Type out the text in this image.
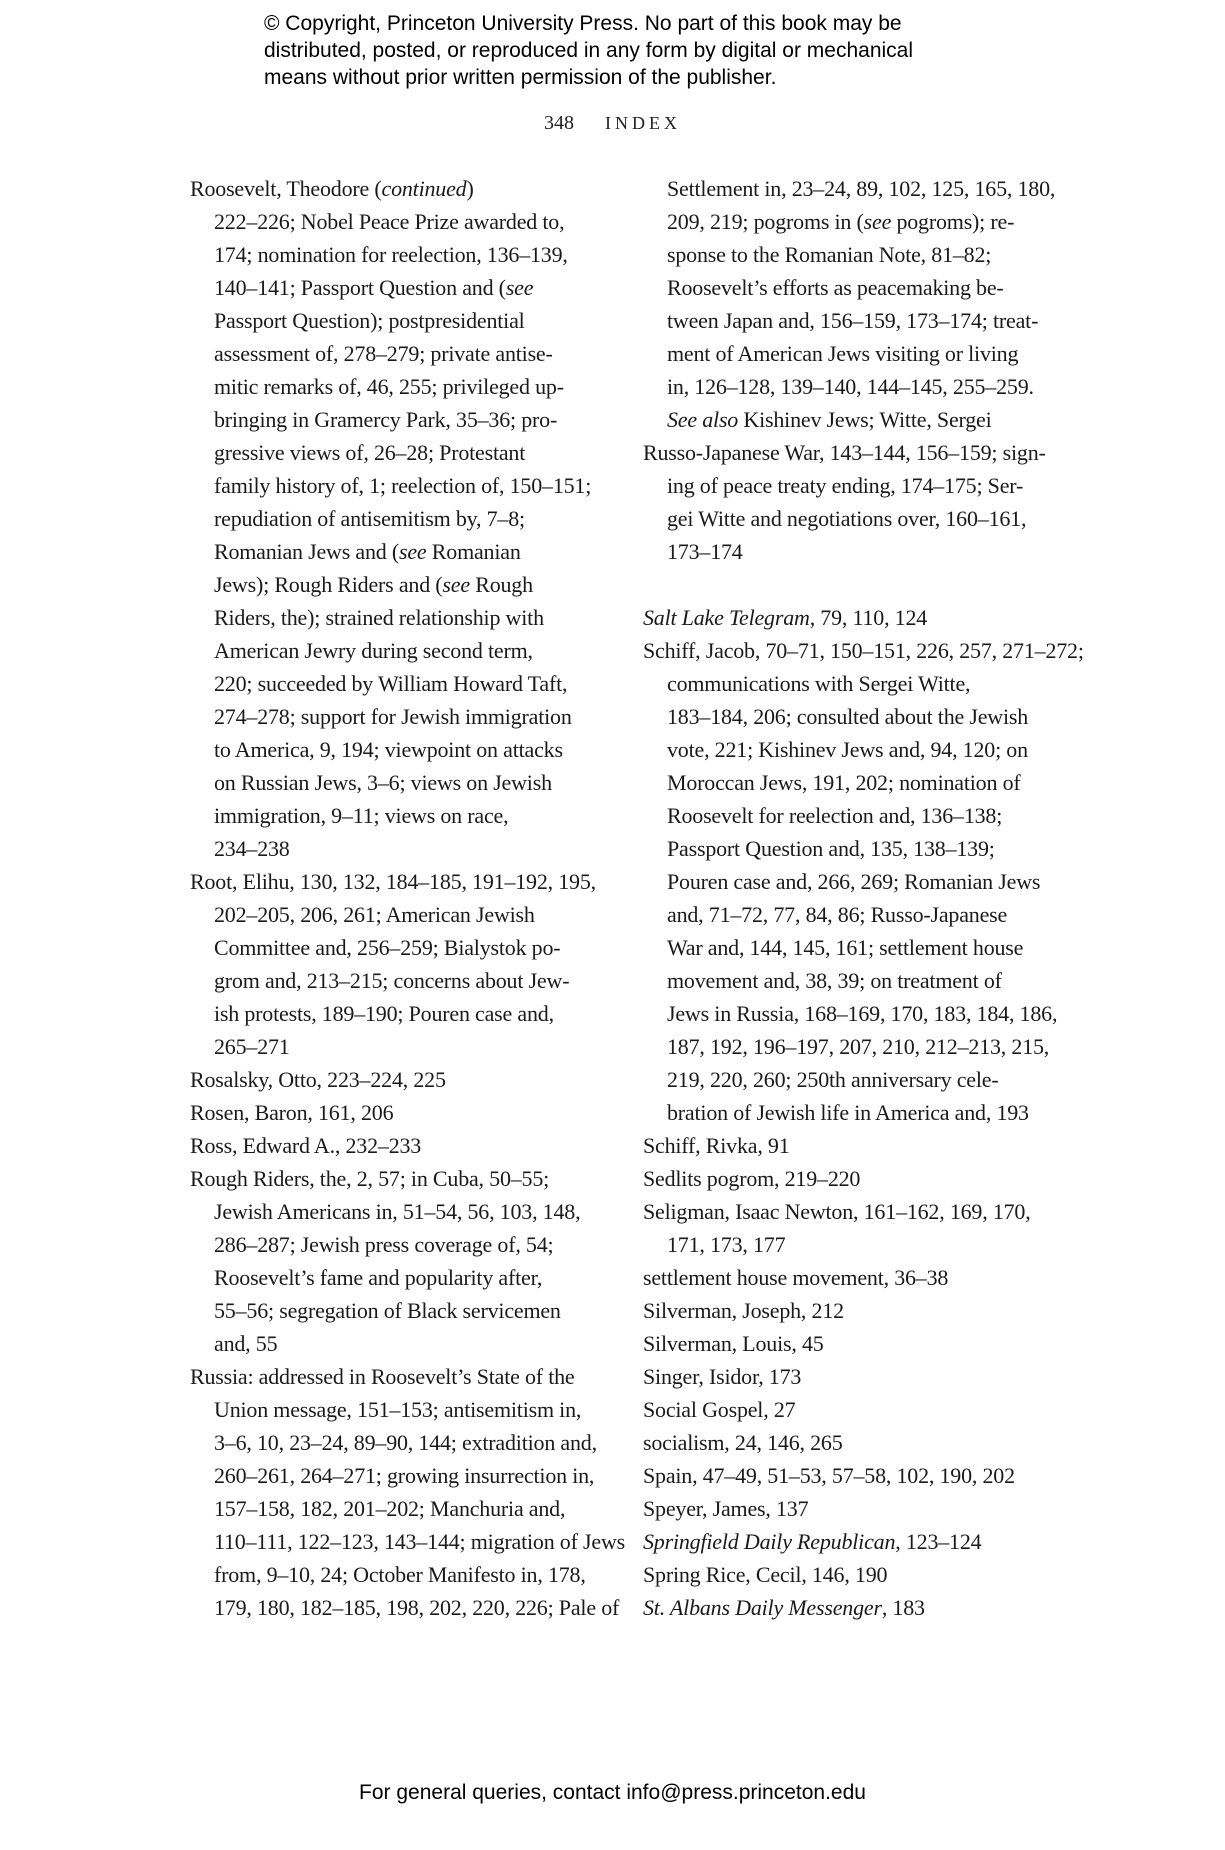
© Copyright, Princeton University Press. No part of this book may be
distributed, posted, or reproduced in any form by digital or mechanical
means without prior written permission of the publisher.
348 INDEX
Roosevelt, Theodore (continued)
222–226; Nobel Peace Prize awarded to,
174; nomination for reelection, 136–139,
140–141; Passport Question and (see
Passport Question); postpresidential
assessment of, 278–279; private antise-
mitic remarks of, 46, 255; privileged up-
bringing in Gramercy Park, 35–36; pro-
gressive views of, 26–28; Protestant
family history of, 1; reelection of, 150–151;
repudiation of antisemitism by, 7–8;
Romanian Jews and (see Romanian
Jews); Rough Riders and (see Rough
Riders, the); strained relationship with
American Jewry during second term,
220; succeeded by William Howard Taft,
274–278; support for Jewish immigration
to America, 9, 194; viewpoint on attacks
on Russian Jews, 3–6; views on Jewish
immigration, 9–11; views on race,
234–238
Root, Elihu, 130, 132, 184–185, 191–192, 195,
202–205, 206, 261; American Jewish
Committee and, 256–259; Bialystok po-
grom and, 213–215; concerns about Jew-
ish protests, 189–190; Pouren case and,
265–271
Rosalsky, Otto, 223–224, 225
Rosen, Baron, 161, 206
Ross, Edward A., 232–233
Rough Riders, the, 2, 57; in Cuba, 50–55;
Jewish Americans in, 51–54, 56, 103, 148,
286–287; Jewish press coverage of, 54;
Roosevelt’s fame and popularity after,
55–56; segregation of Black servicemen
and, 55
Russia: addressed in Roosevelt’s State of the
Union message, 151–153; antisemitism in,
3–6, 10, 23–24, 89–90, 144; extradition and,
260–261, 264–271; growing insurrection in,
157–158, 182, 201–202; Manchuria and,
110–111, 122–123, 143–144; migration of Jews
from, 9–10, 24; October Manifesto in, 178,
179, 180, 182–185, 198, 202, 220, 226; Pale of
Settlement in, 23–24, 89, 102, 125, 165, 180,
209, 219; pogroms in (see pogroms); re-
sponse to the Romanian Note, 81–82;
Roosevelt’s efforts as peacemaking be-
tween Japan and, 156–159, 173–174; treat-
ment of American Jews visiting or living
in, 126–128, 139–140, 144–145, 255–259.
See also Kishinev Jews; Witte, Sergei
Russo-Japanese War, 143–144, 156–159; sign-
ing of peace treaty ending, 174–175; Ser-
gei Witte and negotiations over, 160–161,
173–174
Salt Lake Telegram, 79, 110, 124
Schiff, Jacob, 70–71, 150–151, 226, 257, 271–272;
communications with Sergei Witte,
183–184, 206; consulted about the Jewish
vote, 221; Kishinev Jews and, 94, 120; on
Moroccan Jews, 191, 202; nomination of
Roosevelt for reelection and, 136–138;
Passport Question and, 135, 138–139;
Pouren case and, 266, 269; Romanian Jews
and, 71–72, 77, 84, 86; Russo-Japanese
War and, 144, 145, 161; settlement house
movement and, 38, 39; on treatment of
Jews in Russia, 168–169, 170, 183, 184, 186,
187, 192, 196–197, 207, 210, 212–213, 215,
219, 220, 260; 250th anniversary cele-
bration of Jewish life in America and, 193
Schiff, Rivka, 91
Sedlits pogrom, 219–220
Seligman, Isaac Newton, 161–162, 169, 170,
171, 173, 177
settlement house movement, 36–38
Silverman, Joseph, 212
Silverman, Louis, 45
Singer, Isidor, 173
Social Gospel, 27
socialism, 24, 146, 265
Spain, 47–49, 51–53, 57–58, 102, 190, 202
Speyer, James, 137
Springfield Daily Republican, 123–124
Spring Rice, Cecil, 146, 190
St. Albans Daily Messenger, 183
For general queries, contact info@press.princeton.edu
